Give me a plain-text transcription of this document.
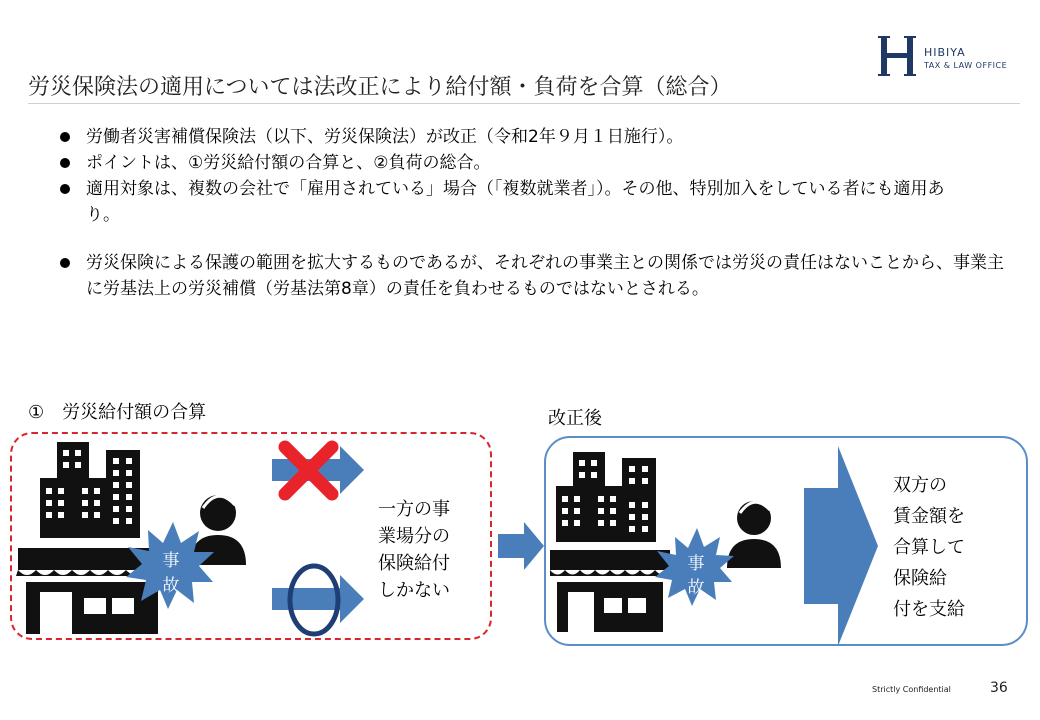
労災保険法の適用については法改正により給付額・負荷を合算（総合）
HIBIYA
TAX & LAW OFFICE
労働者災害補償保険法（以下、労災保険法）が改正（令和2年９月１日施行）。
ポイントは、①労災給付額の合算と、②負荷の総合。
適用対象は、複数の会社で「雇用されている」場合（「複数就業者」）。その他、特別加入をしている者にも適用あり。
労災保険による保護の範囲を拡大するものであるが、それぞれの事業主との関係では労災の責任はないことから、事業主に労基法上の労災補償（労基法第8章）の責任を負わせるものではないとされる。
①　労災給付額の合算	改正後
事
故
事
故
一方の事
業場分の
保険給付
しかない
双方の
賃金額を
合算して
保険給
付を支給
Strictly Confidential	36
